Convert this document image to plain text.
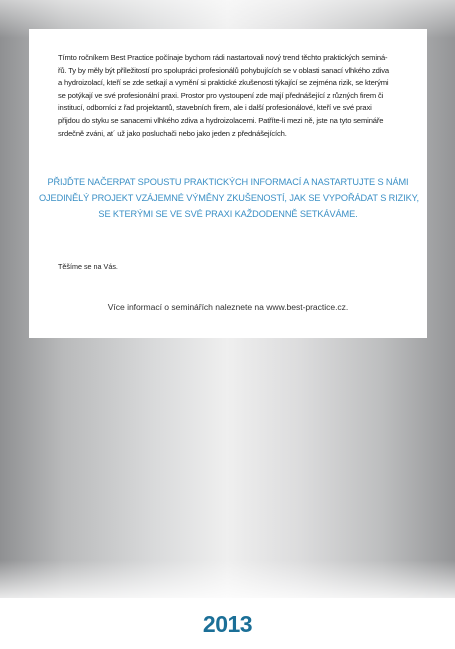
Tímto ročníkem Best Practice počínaje bychom rádi nastartovali nový trend těchto praktických seminá-
řů. Ty by měly být příležitostí pro spolupráci profesionálů pohybujících se v oblasti sanací vlhkého zdiva
a hydroizolací, kteří se zde setkají a vymění si praktické zkušenosti týkající se zejména rizik, se kterými
se potýkají ve své profesionální praxi. Prostor pro vystoupení zde mají přednášející z různých firem či
institucí, odborníci z řad projektantů, stavebních firem, ale i další profesionálové, kteří ve své praxi
přijdou do styku se sanacemi vlhkého zdiva a hydroizolacemi. Patříte-li mezi ně, jste na tyto semináře
srdečně zváni, at´ už jako posluchači nebo jako jeden z přednášejících.
PŘIJĎTE NAČERPAT SPOUSTU PRAKTICKÝCH INFORMACÍ A NASTARTUJTE S NÁMI
OJEDINĚLÝ PROJEKT VZÁJEMNÉ VÝMĚNY ZKUŠENOSTÍ, JAK SE VYPOŘÁDAT S RIZIKY,
SE KTERÝMI SE VE SVÉ PRAXI KAŽDODENNĚ SETKÁVÁME.
Těšíme se na Vás.
Více informací o seminářích naleznete na www.best-practice.cz.
2013
